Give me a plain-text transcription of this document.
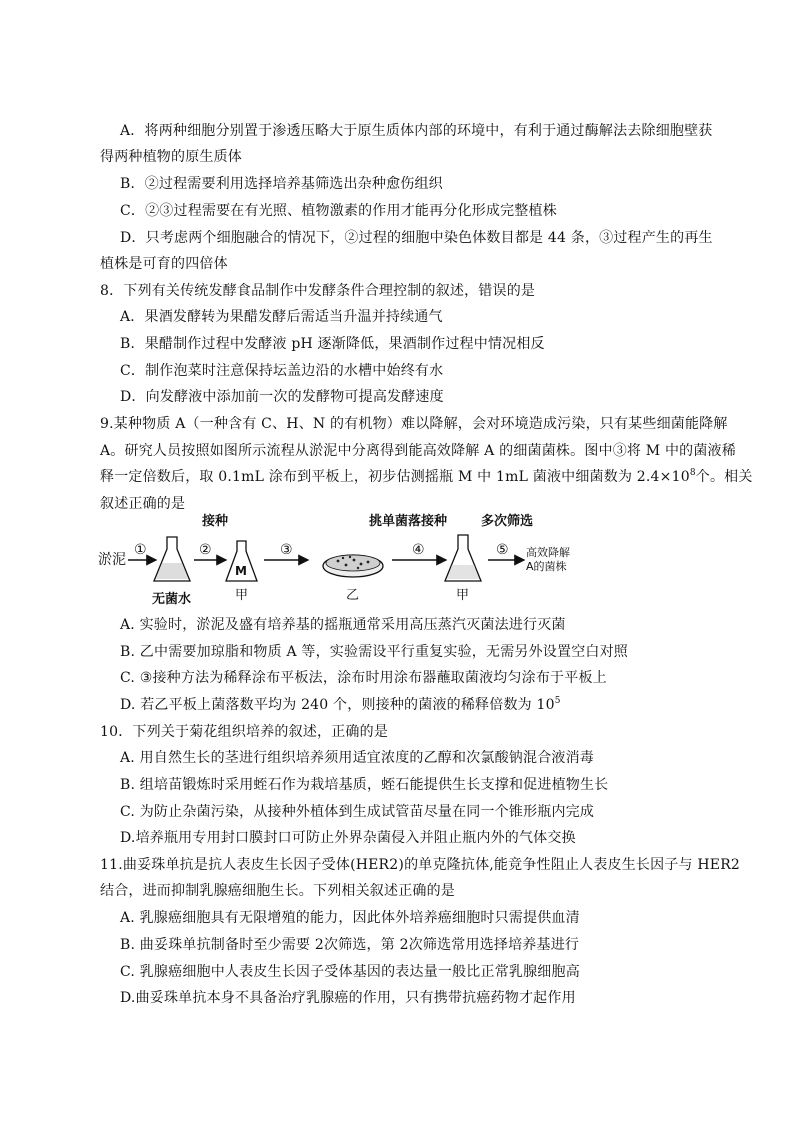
A．将两种细胞分别置于渗透压略大于原生质体内部的环境中，有利于通过酶解法去除细胞壁获
得两种植物的原生质体
B．②过程需要利用选择培养基筛选出杂种愈伤组织
C．②③过程需要在有光照、植物激素的作用才能再分化形成完整植株
D．只考虑两个细胞融合的情况下，②过程的细胞中染色体数目都是 44 条，③过程产生的再生
植株是可育的四倍体
8．下列有关传统发酵食品制作中发酵条件合理控制的叙述，错误的是
A．果酒发酵转为果醋发酵后需适当升温并持续通气
B．果醋制作过程中发酵液 pH 逐渐降低，果酒制作过程中情况相反
C．制作泡菜时注意保持坛盖边沿的水槽中始终有水
D．向发酵液中添加前一次的发酵物可提高发酵速度
9.某种物质 A（一种含有 C、H、N 的有机物）难以降解，会对环境造成污染，只有某些细菌能降解
A。研究人员按照如图所示流程从淤泥中分离得到能高效降解 A 的细菌菌株。图中③将 M 中的菌液稀
释一定倍数后，取 0.1mL 涂布到平板上，初步估测摇瓶 M 中 1mL 菌液中细菌数为 $2.4\times 10^8$个。相关
叙述正确的是
接种	挑单菌落接种	多次筛选
淤泥
①
无菌水
②
M
甲
③
乙
④
甲
⑤ 高效降解
A的菌株
A. 实验时，淤泥及盛有培养基的摇瓶通常采用高压蒸汽灭菌法进行灭菌
B. 乙中需要加琼脂和物质 A 等，实验需设平行重复实验，无需另外设置空白对照
C. ③接种方法为稀释涂布平板法，涂布时用涂布器蘸取菌液均匀涂布于平板上
D. 若乙平板上菌落数平均为 240 个，则接种的菌液的稀释倍数为 $10^5$
10．下列关于菊花组织培养的叙述，正确的是
A. 用自然生长的茎进行组织培养须用适宜浓度的乙醇和次氯酸钠混合液消毒
B. 组培苗锻炼时采用蛭石作为栽培基质，蛭石能提供生长支撑和促进植物生长
C. 为防止杂菌污染，从接种外植体到生成试管苗尽量在同一个锥形瓶内完成
D.培养瓶用专用封口膜封口可防止外界杂菌侵入并阻止瓶内外的气体交换
11.曲妥珠单抗是抗人表皮生长因子受体(HER2)的单克隆抗体,能竞争性阻止人表皮生长因子与 HER2
结合，进而抑制乳腺癌细胞生长。下列相关叙述正确的是
A. 乳腺癌细胞具有无限增殖的能力，因此体外培养癌细胞时只需提供血清
B. 曲妥珠单抗制备时至少需要 2次筛选，第 2次筛选常用选择培养基进行
C. 乳腺癌细胞中人表皮生长因子受体基因的表达量一般比正常乳腺细胞高
D.曲妥珠单抗本身不具备治疗乳腺癌的作用，只有携带抗癌药物才起作用
